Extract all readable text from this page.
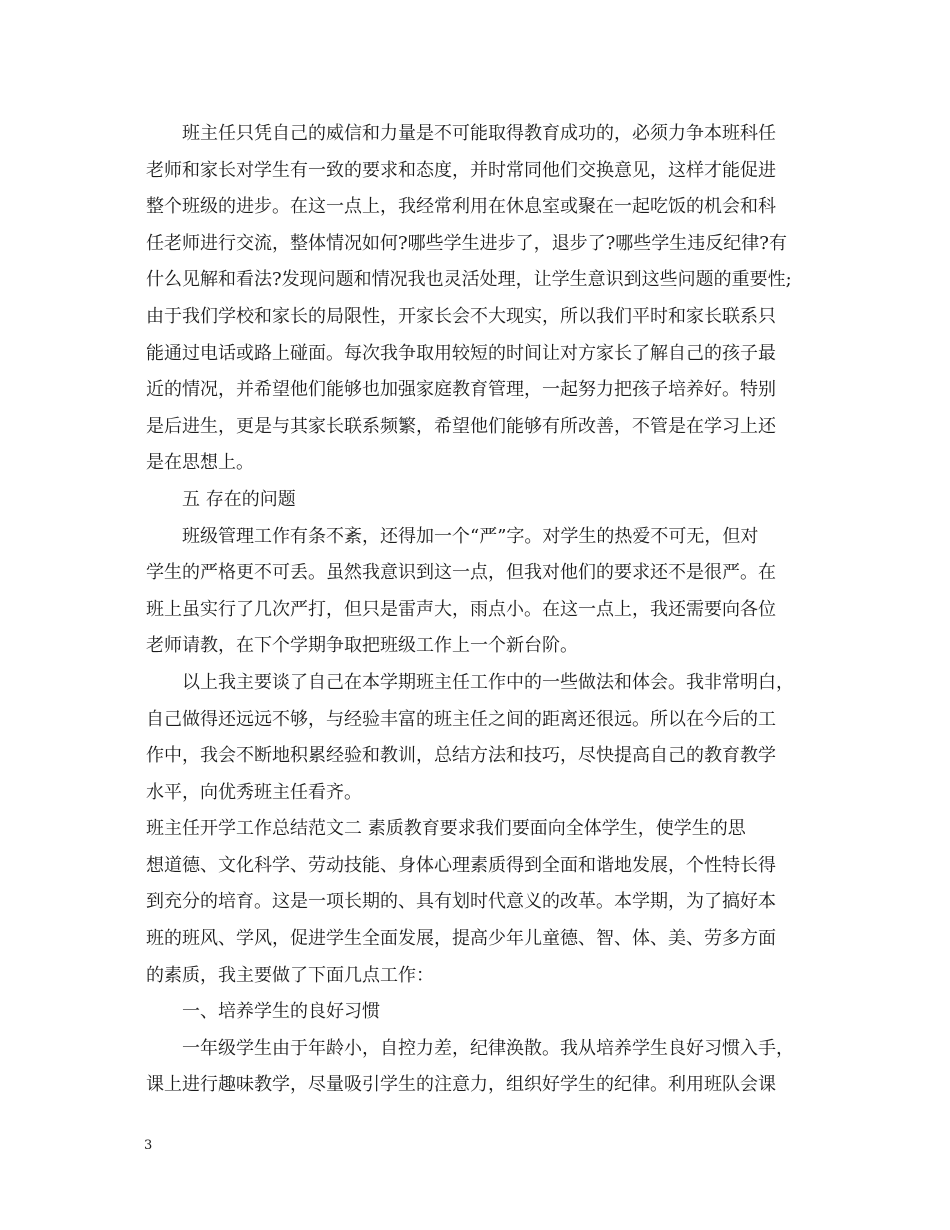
班主任只凭自己的威信和力量是不可能取得教育成功的，必须力争本班科任
老师和家长对学生有一致的要求和态度，并时常同他们交换意见，这样才能促进
整个班级的进步。在这一点上，我经常利用在休息室或聚在一起吃饭的机会和科
任老师进行交流，整体情况如何?哪些学生进步了，退步了?哪些学生违反纪律?有
什么见解和看法?发现问题和情况我也灵活处理，让学生意识到这些问题的重要性;
由于我们学校和家长的局限性，开家长会不大现实，所以我们平时和家长联系只
能通过电话或路上碰面。每次我争取用较短的时间让对方家长了解自己的孩子最
近的情况，并希望他们能够也加强家庭教育管理，一起努力把孩子培养好。特别
是后进生，更是与其家长联系频繁，希望他们能够有所改善，不管是在学习上还
是在思想上。
五 存在的问题
班级管理工作有条不紊，还得加一个“严”字。对学生的热爱不可无，但对
学生的严格更不可丢。虽然我意识到这一点，但我对他们的要求还不是很严。在
班上虽实行了几次严打，但只是雷声大，雨点小。在这一点上，我还需要向各位
老师请教，在下个学期争取把班级工作上一个新台阶。
以上我主要谈了自己在本学期班主任工作中的一些做法和体会。我非常明白，
自己做得还远远不够，与经验丰富的班主任之间的距离还很远。所以在今后的工
作中，我会不断地积累经验和教训，总结方法和技巧，尽快提高自己的教育教学
水平，向优秀班主任看齐。
班主任开学工作总结范文二 素质教育要求我们要面向全体学生，使学生的思
想道德、文化科学、劳动技能、身体心理素质得到全面和谐地发展，个性特长得
到充分的培育。这是一项长期的、具有划时代意义的改革。本学期，为了搞好本
班的班风、学风，促进学生全面发展，提高少年儿童德、智、体、美、劳多方面
的素质，我主要做了下面几点工作：
一、培养学生的良好习惯
一年级学生由于年龄小，自控力差，纪律涣散。我从培养学生良好习惯入手，
课上进行趣味教学，尽量吸引学生的注意力，组织好学生的纪律。利用班队会课
3
